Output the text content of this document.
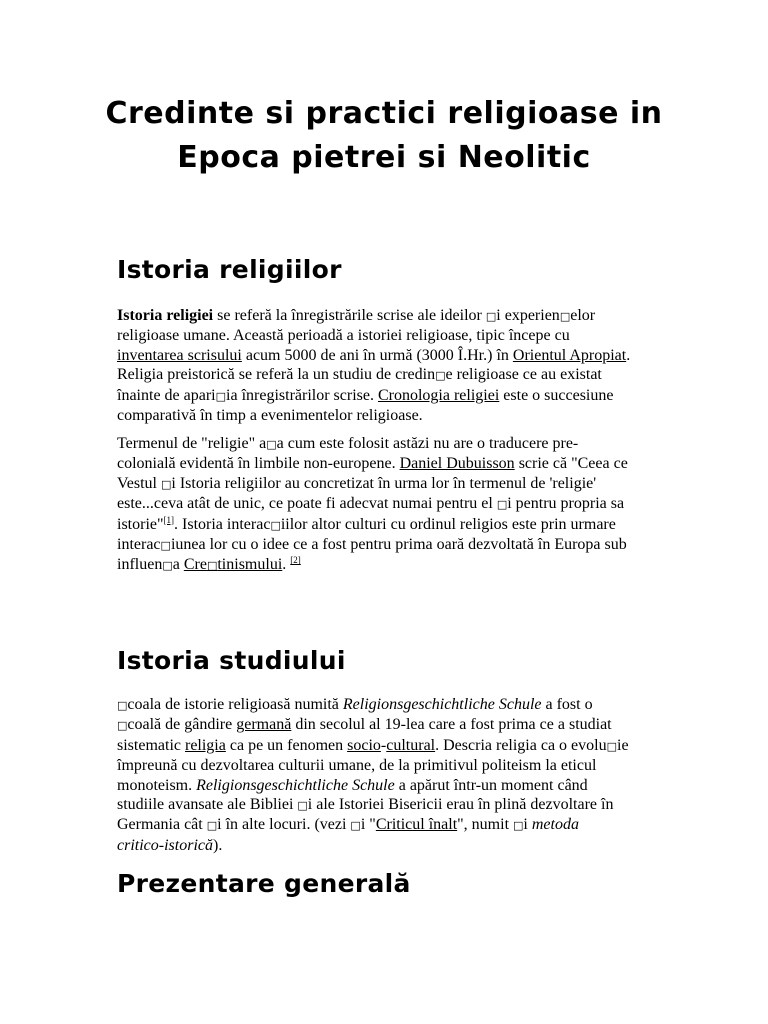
Credinte si practici religioase in
Epoca pietrei si Neolitic
Istoria religiilor

Istoria religiei se referă la înregistrările scrise ale ideilor □i experien□elor
religioase umane. Această perioadă a istoriei religioase, tipic începe cu
inventarea scrisului acum 5000 de ani în urmă (3000 Î.Hr.) în Orientul Apropiat.
Religia preistorică se referă la un studiu de credin□e religioase ce au existat
înainte de apari□ia înregistrărilor scrise. Cronologia religiei este o succesiune
comparativă în timp a evenimentelor religioase.

Termenul de "religie" a□a cum este folosit astăzi nu are o traducere pre-
colonială evidentă în limbile non-europene. Daniel Dubuisson scrie că "Ceea ce
Vestul □i Istoria religiilor au concretizat în urma lor în termenul de 'religie'
este...ceva atât de unic, ce poate fi adecvat numai pentru el □i pentru propria sa
istorie"[1]. Istoria interac□iilor altor culturi cu ordinul religios este prin urmare
interac□iunea lor cu o idee ce a fost pentru prima oară dezvoltată în Europa sub
influen□a Cre□tinismului. [2]

Istoria studiului

□coala de istorie religioasă numită Religionsgeschichtliche Schule a fost o
□coală de gândire germană din secolul al 19-lea care a fost prima ce a studiat
sistematic religia ca pe un fenomen socio-cultural. Descria religia ca o evolu□ie
împreună cu dezvoltarea culturii umane, de la primitivul politeism la eticul
monoteism. Religionsgeschichtliche Schule a apărut într-un moment când
studiile avansate ale Bibliei □i ale Istoriei Bisericii erau în plină dezvoltare în
Germania cât □i în alte locuri. (vezi □i "Criticul înalt", numit □i metoda
critico-istorică).

Prezentare generală
